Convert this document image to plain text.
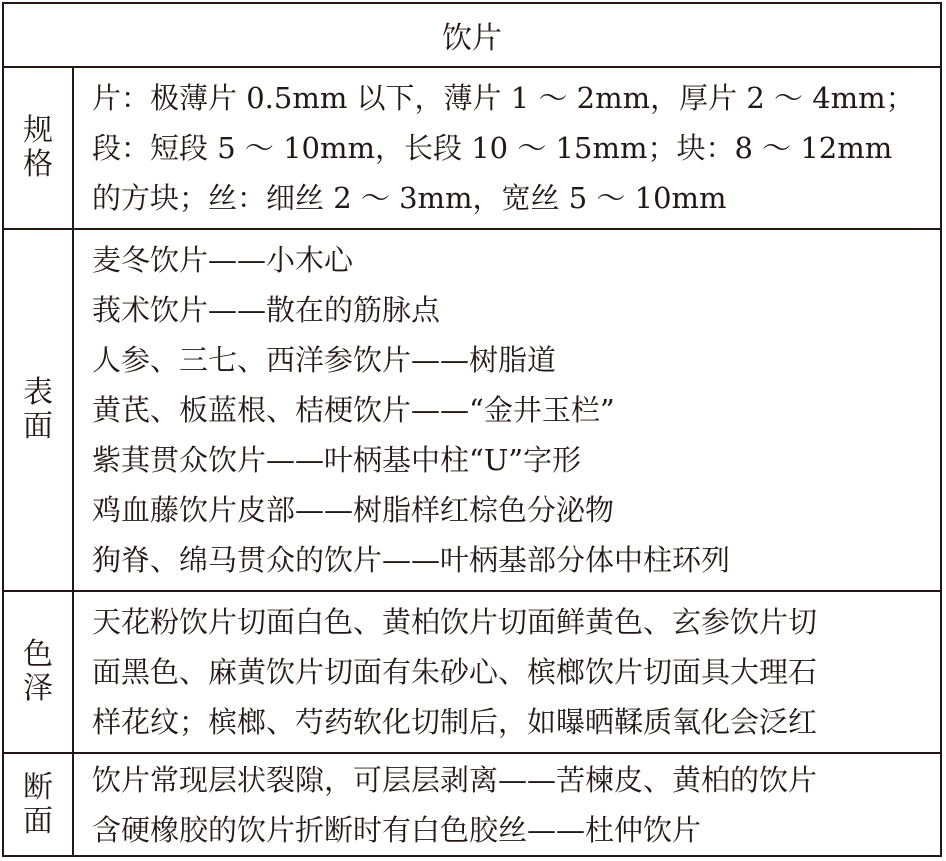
饮片
规
格
片：极薄片 0.5mm 以下，薄片 1 ～ 2mm，厚片 2 ～ 4mm；
段：短段 5 ～ 10mm，长段 10 ～ 15mm；块：8 ～ 12mm
的方块；丝：细丝 2 ～ 3mm，宽丝 5 ～ 10mm
表
面
麦冬饮片——小木心
莪术饮片——散在的筋脉点
人参、三七、西洋参饮片——树脂道
黄芪、板蓝根、桔梗饮片——“金井玉栏”
紫萁贯众饮片——叶柄基中柱“U”字形
鸡血藤饮片皮部——树脂样红棕色分泌物
狗脊、绵马贯众的饮片——叶柄基部分体中柱环列
色
泽
天花粉饮片切面白色、黄柏饮片切面鲜黄色、玄参饮片切
面黑色、麻黄饮片切面有朱砂心、槟榔饮片切面具大理石
样花纹；槟榔、芍药软化切制后，如曝晒鞣质氧化会泛红
断
面
饮片常现层状裂隙，可层层剥离——苦楝皮、黄柏的饮片
含硬橡胶的饮片折断时有白色胶丝——杜仲饮片
